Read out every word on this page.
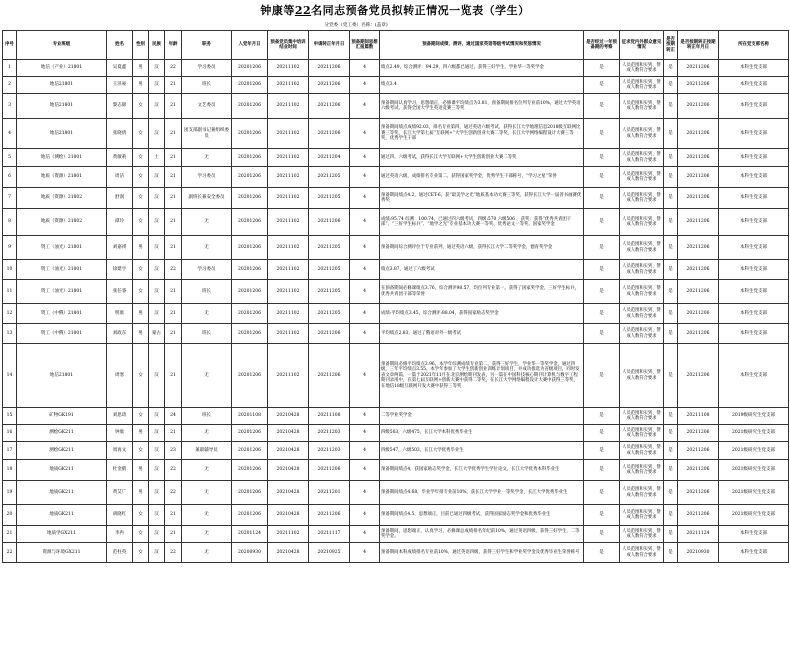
钟康等22名同志预备党员拟转正情况一览表（学生）
分党委（党工委）名称：(盖章)
序号	专业班级	姓名	性别	民族	年龄	职务	入党年月日	预备党员集中培训结业时间	申请转正年月日	预备期间思想汇报篇数	预备期间成绩、测评、通过国家英语等级考试情况和奖惩情况	是否经过一年预备期的考察	征求党内外群众意见情况	是否按期转正	是否按期转正按期转正年月日	所在党支部名称
1	地信（产业）21801	吴夏鑫	男	汉	22	学习委员	20201206	20211102	20211206	4	绩点2.49，综合测评：94.29，四六级都已通过，获得三好学生，学业华一等奖学金	是	人员范围和实到、赞成人数符合要求	是	20211206	本科生党支部
2	地信21801	王泽豪	男	汉	21	班长	20201206	20211102	20211206	4	绩点3.4	是	人员范围和实到、赞成人数符合要求	是	20211206	本科生党支部
3	地信21801	黎志锦	女	汉	21	文艺委员	20201206	20211102	20211206	4	预备期间认真学习，思想端正，必修课平均绩点为3.81，预备期间排名位列专业前10%，通过大学英语六级考试，获得全国大学生英语竞赛三等奖	是	人员范围和实到、赞成人数符合要求	是	20211206	本科生党支部
4	地信21801	张晓倩	女	汉	21	团支部副书记兼组织委员	20201206	20211102	20211206	4	预备期间绩点成绩92.03，排名专业第四，通过英语六级考试，获得长江大学地理信息2018级互联网比赛三等奖，长江大学第七届“互联网+”大学生创新创业大赛二等奖，长江大学网络编程设计大赛三等奖，优秀学生干部	是	人员范围和实到、赞成人数符合要求	是	20211206	本科生党支部
5	地信（测绘）21801	黄敏莉	女	土	21	无	20201206	20211102	20211204	4	通过四、六级考试，获得长江大学互联网+大学生创新创业大赛二等奖	是	人员范围和实到、赞成人数符合要求	是	20211206	本科生党支部
6	地质（资源）21801	周洁	女	汉	21	学习委员	20201206	20211102	20211205	4	通过英语六级，成绩排名专业第二，获得国家奖学金，优秀学生干部称号，“学习之星”荣誉	是	人员范围和实到、赞成人数符合要求	是	20211206	本科生党支部
7	地质（资源）21802	舒润	女	汉	21	副班长兼安全委员	20201206	20211102	20211205	4	预备期间绩点4.2，通过CET-6，获“最美学之光”地质基本功大赛三等奖，获得长江大学一届普书画赛优秀奖	是	人员范围和实到、赞成人数符合要求	是	20211206	本科生党支部
8	地质（资源）21802	谭玲	女	汉	21	无	20201206	20211102	20211206	4	成绩:95.74 综测：100.74，已通过四六级考试，四级:570 六级506 ，获奖：获得“优秀共青团干部”、“三好学生标兵”、“地学之光”专业基本功大赛一等奖、优秀论文一等奖、国家奖学金	是	人员范围和实到、赞成人数符合要求	是	20211206	本科生党支部
9	资工（油光）21801	刘嘉祺	男	汉	21	无	20201206	20211102	20211205	4	预备期间综合测评位于专业前列，通过英语六级，获得长江大学二等奖学金，德育奖学金	是	人员范围和实到、赞成人数符合要求	是	20211206	本科生党支部
10	资工（油光）21801	徐建亨	女	汉	22	学习委员	20201206	20211102	20211205	4	绩点3.87，通过了六级考试	是	人员范围和实到、赞成人数符合要求	是	20211206	本科生党支部
11	资工（油光）21801	张任睿	女	汉	21	班长	20201206	20211102	20211205	4	在预备期间必修课绩点3.76，综合测评98.57，均位列专业第一。获得了国家奖学金，三好学生标兵，优秀共青团干部等荣誉	是	人员范围和实到、赞成人数符合要求	是	20211206	本科生党支部
12	资工（中俄）21801	明康	男	汉	21	无	20201206	20211102	20211205	4	成绩:平均绩点3.45，综合测评:88.04，获得国家励志奖学金	是	人员范围和实到、赞成人数符合要求	是	20211206	本科生党支部
13	资工（中俄）21801	刘政东	男	蒙古	21	班长	20201206	20211102	20211206	4	平均绩点2.83，通过了俄语对外一级考试	是	人员范围和实到、赞成人数符合要求	是	20211206	本科生党支部
14	地信21801	周寒	女	汉	21	无	20201206	20211102	20211206	4	预备期间必修平均绩点3.96，本学年综测成绩专业第二，获得三好学生，学业华一等奖学金，通过四级，三年平均绩点3.55。本学年参加了大学生创新创业训练计划项目，并成功推选为省级项目，同时发表文章两篇，一篇于2021年11月在北京测绘期刊发表，另一篇在中国科技核心期刊计算机与数字工程期刊录用中，在第七届互联网+创新大赛中获得二等奖，在长江大学网络编程设计大赛中获得三等奖，在地信18级互联网开发大赛中获得三等奖	是	人员范围和实到、赞成人数符合要求	是	20211206	本科生党支部
15	矿物GK191	刘思琦	女	汉	24	班长	20201108	20210428	20211108	4	二等学业奖学金	是	人员范围和实到、赞成人数符合要求	是	20211108	2019级研究生党支部
16	测绘GK211	钟康	男	汉	21	无	20201206	20210428	20211203	4	四级503，六级475，长江大学本科优秀毕业生	是	人员范围和实到、赞成人数符合要求	是	20211206	2021级研究生党支部
17	测绘GK211	周再文	女	汉	23	兼职辅导员	20201206	20210428	20211203	4	四级547，六级503，长江大学优秀毕业生	是	人员范围和实到、赞成人数符合要求	是	20211206	2021级研究生党支部
18	地质GK211	杜金鹤	男	汉	22	无	20201206	20210428	20211206	4	预备期间绩点4，获国家励志奖学金，长江大学优秀学生学位论文，长江大学优秀本科毕业生	是	人员范围和实到、赞成人数符合要求	是	20211206	2021级研究生党支部
19	地质GK211	黄艾广	男	汉	22	无	20201206	20210428	20211201	4	预备期间绩点4.68，毕业学年排专业前10%，获长江大学学业一等奖学金，长江大学优秀毕业生	是	人员范围和实到、赞成人数符合要求	是	20211206	2021级研究生党支部
20	地质GK211	胡晓红	女	汉	21	无	20201206	20210428	20211206	4	预备期间绩点4.5，思想端正，目前已通过四级考试，获得国家励志奖学金和优秀毕业生	是	人员范围和实到、赞成人数符合要求	是	20211206	2021级研究生党支部
21	地质学GX211	李冉	女	汉	21	无	20201124	20211102	20211117	4	预备期间，思想端正，认真学习，必修课总成绩排名年纪前10%，通过英语四级，获得三好学生，二等奖学金。	是	人员范围和实到、赞成人数符合要求	是	20211124	本科生党支部
22	资源与环境GX211	范柱英	女	汉	22	无	20200930	20210428	20210925	4	预备期间本科成绩排名专业前10%，通过英语四级，获得三好学生和学业奖学金及优秀毕业生荣誉称号	是	人员范围和实到、赞成人数符合要求	是	20210930	本科生党支部
